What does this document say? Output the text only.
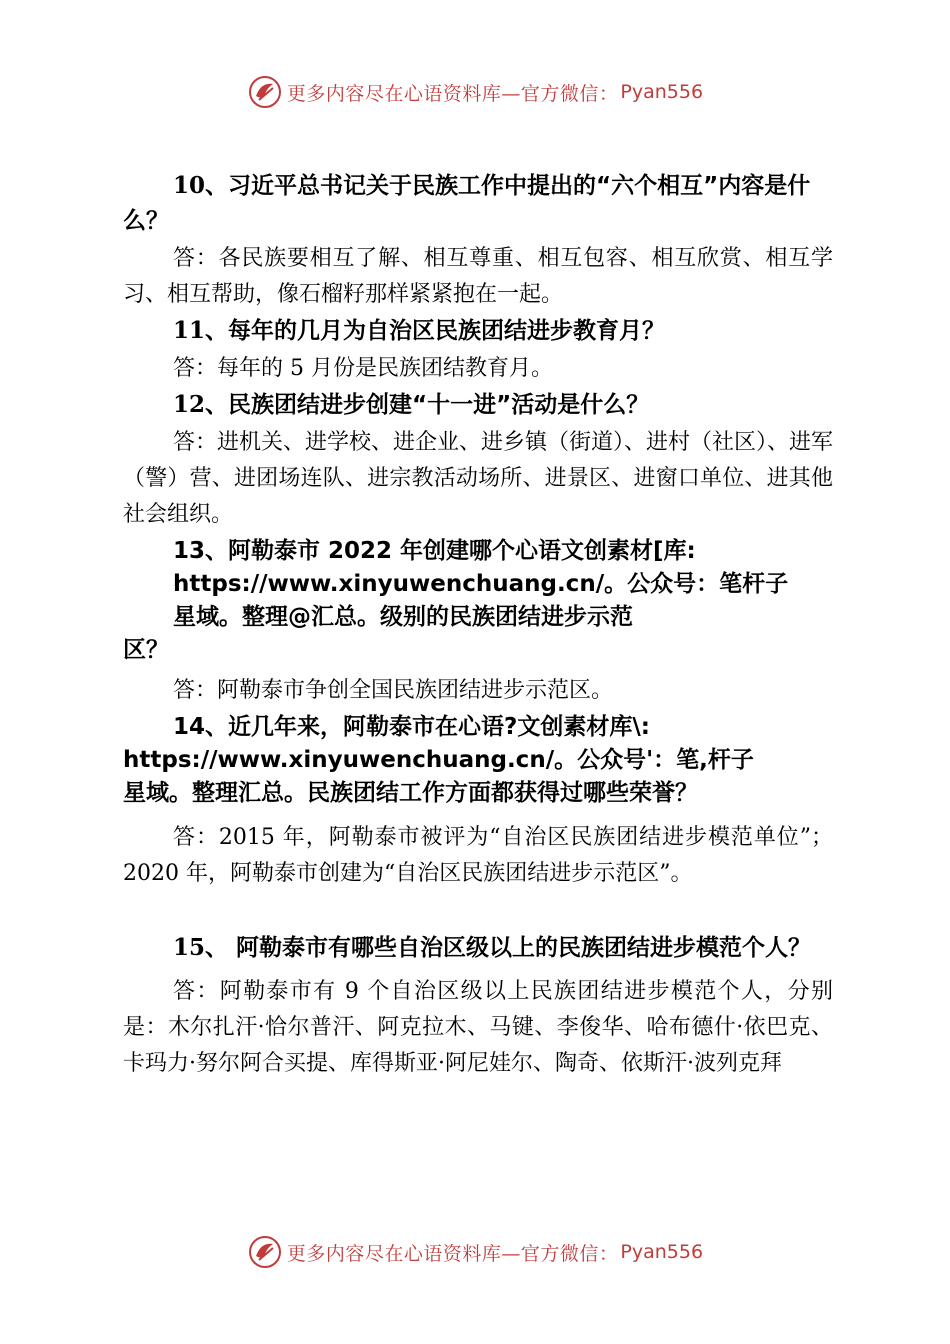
更多内容尽在心语资料库—官方微信： Pyan556

10、习近平总书记关于民族工作中提出的“六个相互”内容是什么？

答：各民族要相互了解、相互尊重、相互包容、相互欣赏、相互学习、相互帮助，像石榴籽那样紧紧抱在一起。

11、每年的几月为自治区民族团结进步教育月？

答：每年的 5 月份是民族团结教育月。

12、民族团结进步创建“十一进”活动是什么？

答：进机关、进学校、进企业、进乡镇（街道）、进村（社区）、进军（警）营、进团场连队、进宗教活动场所、进景区、进窗口单位、进其他社会组织。

13、阿勒泰市 2022 年创建哪个心语文创素材[库:

https://www.xinyuwenchuang.cn/。公众号：笔杆子

星域。整理@汇总。级别的民族团结进步示范

区？

答：阿勒泰市争创全国民族团结进步示范区。

14、近几年来，阿勒泰市在心语?文创素材库\:

https://www.xinyuwenchuang.cn/。公众号'：笔,杆子

星域。整理汇总。民族团结工作方面都获得过哪些荣誉？

答：2015 年，阿勒泰市被评为“自治区民族团结进步模范单位”；2020 年，阿勒泰市创建为“自治区民族团结进步示范区”。

15、 阿勒泰市有哪些自治区级以上的民族团结进步模范个人？

答：阿勒泰市有 9 个自治区级以上民族团结进步模范个人，分别是：木尔扎汗·恰尔普汗、阿克拉木、马键、李俊华、哈布德什·依巴克、卡玛力·努尔阿合买提、库得斯亚·阿尼娃尔、陶奇、依斯汗·波列克拜

更多内容尽在心语资料库—官方微信： Pyan556
